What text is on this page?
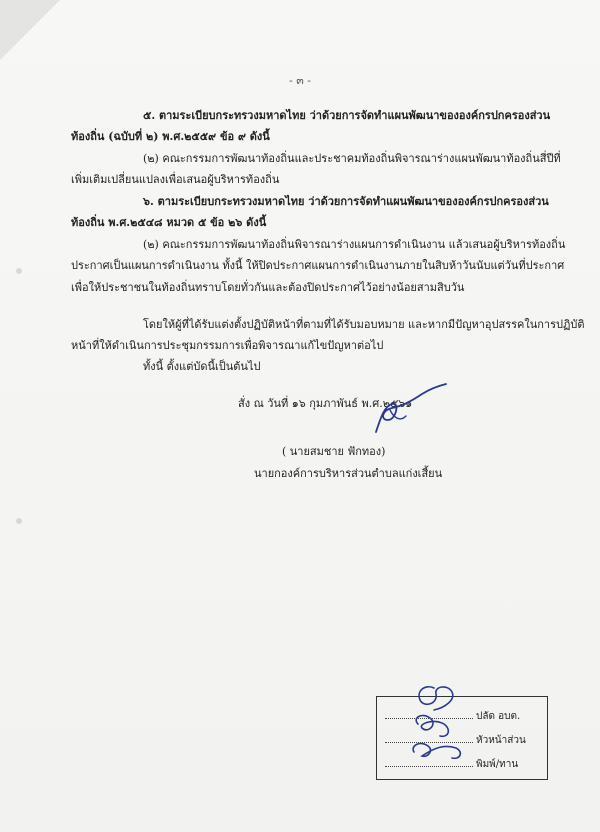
- ๓ -
๕. ตามระเบียบกระทรวงมหาดไทย ว่าด้วยการจัดทำแผนพัฒนาขององค์กรปกครองส่วน
ท้องถิ่น (ฉบับที่ ๒) พ.ศ.๒๕๕๙ ข้อ ๙ ดังนี้
(๒) คณะกรรมการพัฒนาท้องถิ่นและประชาคมท้องถิ่นพิจารณาร่างแผนพัฒนาท้องถิ่นสี่ปีที่
เพิ่มเติมเปลี่ยนแปลงเพื่อเสนอผู้บริหารท้องถิ่น
๖. ตามระเบียบกระทรวงมหาดไทย ว่าด้วยการจัดทำแผนพัฒนาขององค์กรปกครองส่วน
ท้องถิ่น พ.ศ.๒๕๔๘ หมวด ๕ ข้อ ๒๖ ดังนี้
(๒) คณะกรรมการพัฒนาท้องถิ่นพิจารณาร่างแผนการดำเนินงาน แล้วเสนอผู้บริหารท้องถิ่น
ประกาศเป็นแผนการดำเนินงาน ทั้งนี้ ให้ปิดประกาศแผนการดำเนินงานภายในสิบห้าวันนับแต่วันที่ประกาศ
เพื่อให้ประชาชนในท้องถิ่นทราบโดยทั่วกันและต้องปิดประกาศไว้อย่างน้อยสามสิบวัน
โดยให้ผู้ที่ได้รับแต่งตั้งปฏิบัติหน้าที่ตามที่ได้รับมอบหมาย และหากมีปัญหาอุปสรรคในการปฏิบัติ
หน้าที่ให้ดำเนินการประชุมกรรมการเพื่อพิจารณาแก้ไขปัญหาต่อไป
ทั้งนี้ ตั้งแต่บัดนี้เป็นต้นไป
สั่ง ณ วันที่ ๑๖ กุมภาพันธ์ พ.ศ.๒๕๖๑
( นายสมชาย ฟักทอง)
นายกองค์การบริหารส่วนตำบลแก่งเสี้ยน
ปลัด อบต.
หัวหน้าส่วน
พิมพ์/ทาน
